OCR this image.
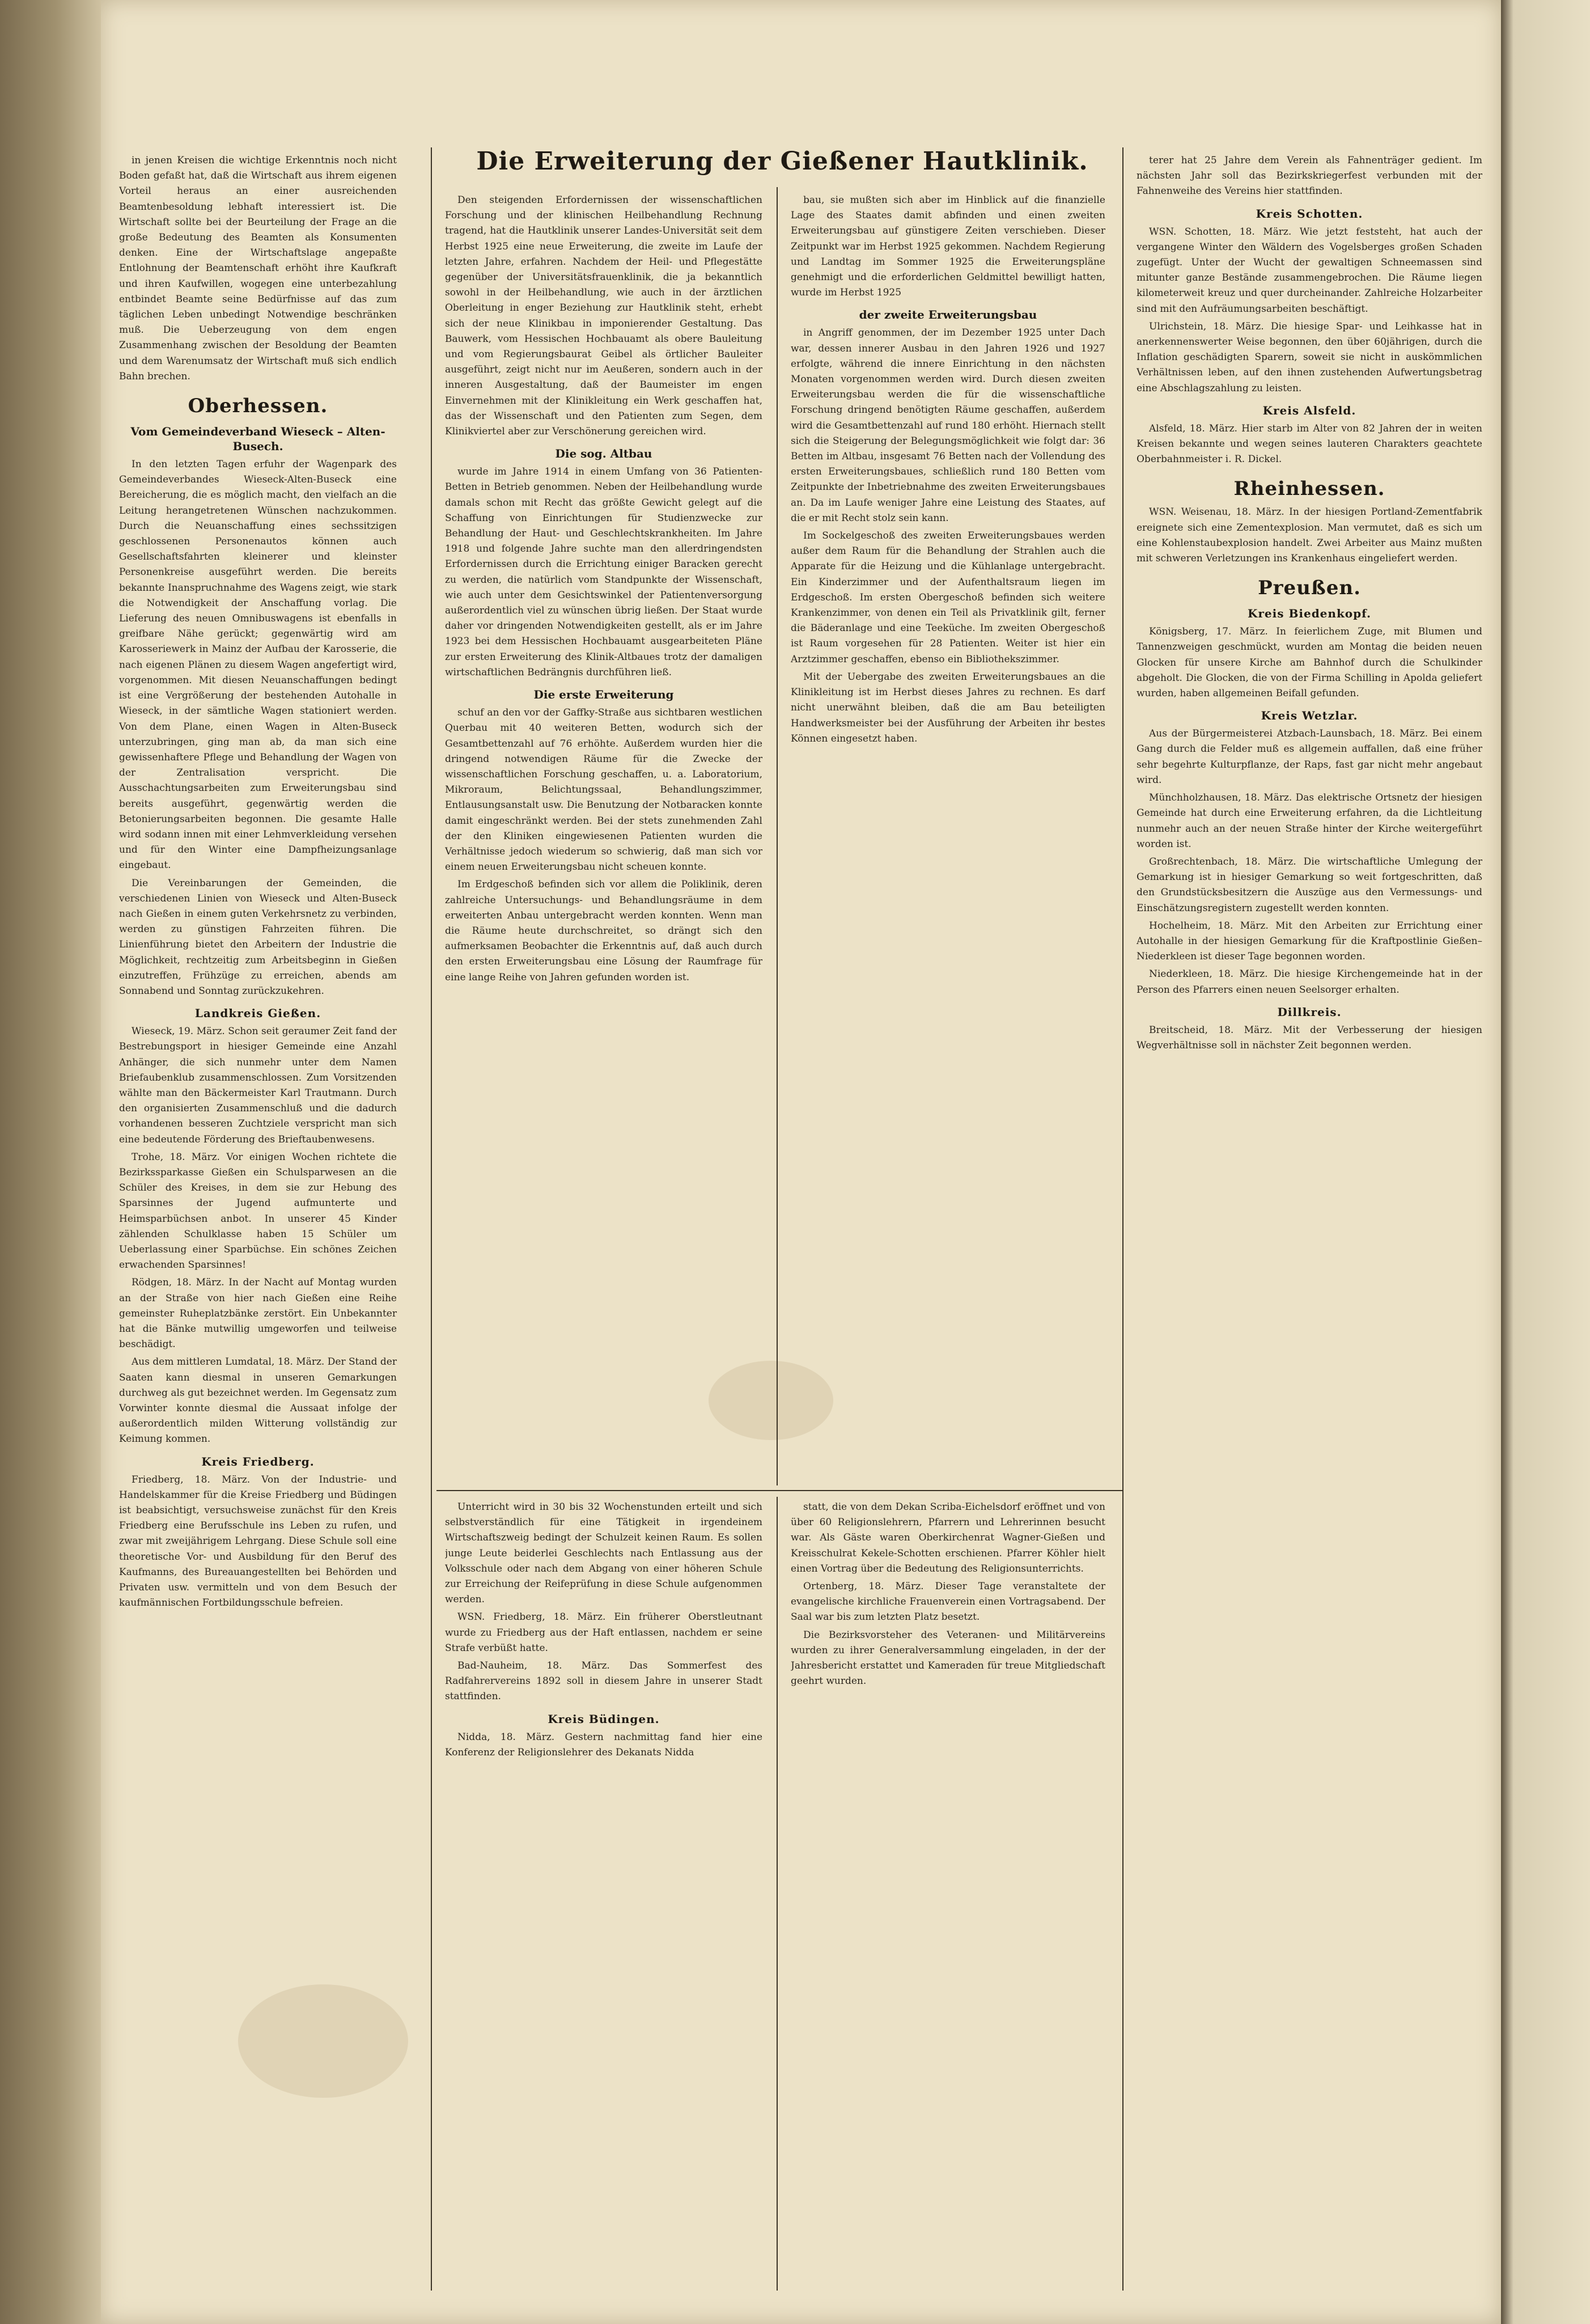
Die Erweiterung der Gießener Hautklinik.

in jenen Kreisen die wichtige Erkenntnis noch nicht Boden gefaßt hat, daß die Wirtschaft aus ihrem eigenen Vorteil heraus an einer ausreichenden Beamtenbesoldung lebhaft interessiert ist. Die Wirtschaft sollte bei der Beurteilung der Frage an die große Bedeutung des Beamten als Konsumenten denken. Eine der Wirtschaftslage angepaßte Entlohnung der Beamtenschaft erhöht ihre Kaufkraft und ihren Kaufwillen, wogegen eine unterbezahlung entbindet Beamte seine Bedürfnisse auf das zum täglichen Leben unbedingt Notwendige beschränken muß. Die Ueberzeugung von dem engen Zusammenhang zwischen der Besoldung der Beamten und dem Warenumsatz der Wirtschaft muß sich endlich Bahn brechen.

Oberhessen.
Vom Gemeindeverband Wieseck – Alten-Busech.

In den letzten Tagen erfuhr der Wagenpark des Gemeindeverbandes Wieseck-Alten-Buseck eine Bereicherung, die es möglich macht, den vielfach an die Leitung herangetretenen Wünschen nachzukommen. Durch die Neuanschaffung eines sechssitzigen geschlossenen Personenautos können auch Gesellschaftsfahrten kleinerer und kleinster Personenkreise ausgeführt werden. Die bereits bekannte Inanspruchnahme des Wagens zeigt, wie stark die Notwendigkeit der Anschaffung vorlag. Die Lieferung des neuen Omnibuswagens ist ebenfalls in greifbare Nähe gerückt; gegenwärtig wird am Karosseriewerk in Mainz der Aufbau der Karosserie, die nach eigenen Plänen zu diesem Wagen angefertigt wird, vorgenommen. Mit diesen Neuanschaffungen bedingt ist eine Vergrößerung der bestehenden Autohalle in Wieseck, in der sämtliche Wagen stationiert werden. Von dem Plane, einen Wagen in Alten-Buseck unterzubringen, ging man ab, da man sich eine gewissenhaftere Pflege und Behandlung der Wagen von der Zentralisation verspricht. Die Ausschachtungsarbeiten zum Erweiterungsbau sind bereits ausgeführt, gegenwärtig werden die Betonierungsarbeiten begonnen. Die gesamte Halle wird sodann innen mit einer Lehmverkleidung versehen und für den Winter eine Dampfheizungsanlage eingebaut.

Die Vereinbarungen der Gemeinden, die verschiedenen Linien von Wieseck und Alten-Buseck nach Gießen in einem guten Verkehrsnetz zu verbinden, werden zu günstigen Fahrzeiten führen. Die Linienführung bietet den Arbeitern der Industrie die Möglichkeit, rechtzeitig zum Arbeitsbeginn in Gießen einzutreffen, Frühzüge zu erreichen, abends am Sonnabend und Sonntag zurückzukehren.

Landkreis Gießen.

Wieseck, 19. März. Schon seit geraumer Zeit fand der Bestrebungsport in hiesiger Gemeinde eine Anzahl Anhänger, die sich nunmehr unter dem Namen Briefaubenklub zusammenschlossen. Zum Vorsitzenden wählte man den Bäckermeister Karl Trautmann. Durch den organisierten Zusammenschluß und die dadurch vorhandenen besseren Zuchtziele verspricht man sich eine bedeutende Förderung des Brieftaubenwesens.

Trohe, 18. März. Vor einigen Wochen richtete die Bezirkssparkasse Gießen ein Schulsparwesen an die Schüler des Kreises, in dem sie zur Hebung des Sparsinnes der Jugend aufmunterte und Heimsparbüchsen anbot. In unserer 45 Kinder zählenden Schulklasse haben 15 Schüler um Ueberlassung einer Sparbüchse. Ein schönes Zeichen erwachenden Sparsinnes!

Rödgen, 18. März. In der Nacht auf Montag wurden an der Straße von hier nach Gießen eine Reihe gemeinster Ruheplatzbänke zerstört. Ein Unbekannter hat die Bänke mutwillig umgeworfen und teilweise beschädigt.

Aus dem mittleren Lumdatal, 18. März. Der Stand der Saaten kann diesmal in unseren Gemarkungen durchweg als gut bezeichnet werden. Im Gegensatz zum Vorwinter konnte diesmal die Aussaat infolge der außerordentlich milden Witterung vollständig zur Keimung kommen.

Kreis Friedberg.

Friedberg, 18. März. Von der Industrie- und Handelskammer für die Kreise Friedberg und Büdingen ist beabsichtigt, versuchsweise zunächst für den Kreis Friedberg eine Berufsschule ins Leben zu rufen, und zwar mit zweijährigem Lehrgang. Diese Schule soll eine theoretische Vor- und Ausbildung für den Beruf des Kaufmanns, des Bureauangestellten bei Behörden und Privaten usw. vermitteln und von dem Besuch der kaufmännischen Fortbildungsschule befreien.

Den steigenden Erfordernissen der wissenschaftlichen Forschung und der klinischen Heilbehandlung Rechnung tragend, hat die Hautklinik unserer Landes-Universität seit dem Herbst 1925 eine neue Erweiterung, die zweite im Laufe der letzten Jahre, erfahren. Nachdem der Heil- und Pflegestätte gegenüber der Universitätsfrauenklinik, die ja bekanntlich sowohl in der Heilbehandlung, wie auch in der ärztlichen Oberleitung in enger Beziehung zur Hautklinik steht, erhebt sich der neue Klinikbau in imponierender Gestaltung. Das Bauwerk, vom Hessischen Hochbauamt als obere Bauleitung und vom Regierungsbaurat Geibel als örtlicher Bauleiter ausgeführt, zeigt nicht nur im Aeußeren, sondern auch in der inneren Ausgestaltung, daß der Baumeister im engen Einvernehmen mit der Klinikleitung ein Werk geschaffen hat, das der Wissenschaft und den Patienten zum Segen, dem Klinikviertel aber zur Verschönerung gereichen wird.

Die sog. Altbau

wurde im Jahre 1914 in einem Umfang von 36 Patienten-Betten in Betrieb genommen. Neben der Heilbehandlung wurde damals schon mit Recht das größte Gewicht gelegt auf die Schaffung von Einrichtungen für Studienzwecke zur Behandlung der Haut- und Geschlechtskrankheiten. Im Jahre 1918 und folgende Jahre suchte man den allerdringendsten Erfordernissen durch die Errichtung einiger Baracken gerecht zu werden, die natürlich vom Standpunkte der Wissenschaft, wie auch unter dem Gesichtswinkel der Patientenversorgung außerordentlich viel zu wünschen übrig ließen. Der Staat wurde daher vor dringenden Notwendigkeiten gestellt, als er im Jahre 1923 bei dem Hessischen Hochbauamt ausgearbeiteten Pläne zur ersten Erweiterung des Klinik-Altbaues trotz der damaligen wirtschaftlichen Bedrängnis durchführen ließ.

Die erste Erweiterung

schuf an den vor der Gaffky-Straße aus sichtbaren westlichen Querbau mit 40 weiteren Betten, wodurch sich der Gesamtbettenzahl auf 76 erhöhte. Außerdem wurden hier die dringend notwendigen Räume für die Zwecke der wissenschaftlichen Forschung geschaffen, u. a. Laboratorium, Mikroraum, Belichtungssaal, Behandlungszimmer, Entlausungsanstalt usw. Die Benutzung der Notbaracken konnte damit eingeschränkt werden. Bei der stets zunehmenden Zahl der den Kliniken eingewiesenen Patienten wurden die Verhältnisse jedoch wiederum so schwierig, daß man sich vor einem neuen Erweiterungsbau nicht scheuen konnte.

Im Erdgeschoß befinden sich vor allem die Poliklinik, deren zahlreiche Untersuchungs- und Behandlungsräume in dem erweiterten Anbau untergebracht werden konnten. Wenn man die Räume heute durchschreitet, so drängt sich den aufmerksamen Beobachter die Erkenntnis auf, daß auch durch den ersten Erweiterungsbau eine Lösung der Raumfrage für eine lange Reihe von Jahren gefunden worden ist.

bau, sie mußten sich aber im Hinblick auf die finanzielle Lage des Staates damit abfinden und einen zweiten Erweiterungsbau auf günstigere Zeiten verschieben. Dieser Zeitpunkt war im Herbst 1925 gekommen. Nachdem Regierung und Landtag im Sommer 1925 die Erweiterungspläne genehmigt und die erforderlichen Geldmittel bewilligt hatten, wurde im Herbst 1925

der zweite Erweiterungsbau

in Angriff genommen, der im Dezember 1925 unter Dach war, dessen innerer Ausbau in den Jahren 1926 und 1927 erfolgte, während die innere Einrichtung in den nächsten Monaten vorgenommen werden wird. Durch diesen zweiten Erweiterungsbau werden die für die wissenschaftliche Forschung dringend benötigten Räume geschaffen, außerdem wird die Gesamtbettenzahl auf rund 180 erhöht. Hiernach stellt sich die Steigerung der Belegungsmöglichkeit wie folgt dar: 36 Betten im Altbau, insgesamt 76 Betten nach der Vollendung des ersten Erweiterungsbaues, schließlich rund 180 Betten vom Zeitpunkte der Inbetriebnahme des zweiten Erweiterungsbaues an. Da im Laufe weniger Jahre eine Leistung des Staates, auf die er mit Recht stolz sein kann.

Im Sockelgeschoß des zweiten Erweiterungsbaues werden außer dem Raum für die Behandlung der Strahlen auch die Apparate für die Heizung und die Kühlanlage untergebracht. Ein Kinderzimmer und der Aufenthaltsraum liegen im Erdgeschoß. Im ersten Obergeschoß befinden sich weitere Krankenzimmer, von denen ein Teil als Privatklinik gilt, ferner die Bäderanlage und eine Teeküche. Im zweiten Obergeschoß ist Raum vorgesehen für 28 Patienten. Weiter ist hier ein Arztzimmer geschaffen, ebenso ein Bibliothekszimmer.

Mit der Uebergabe des zweiten Erweiterungsbaues an die Klinikleitung ist im Herbst dieses Jahres zu rechnen. Es darf nicht unerwähnt bleiben, daß die am Bau beteiligten Handwerksmeister bei der Ausführung der Arbeiten ihr bestes Können eingesetzt haben.

Unterricht wird in 30 bis 32 Wochenstunden erteilt und sich selbstverständlich für eine Tätigkeit in irgendeinem Wirtschaftszweig bedingt der Schulzeit keinen Raum. Es sollen junge Leute beiderlei Geschlechts nach Entlassung aus der Volksschule oder nach dem Abgang von einer höheren Schule zur Erreichung der Reifeprüfung in diese Schule aufgenommen werden.

WSN. Friedberg, 18. März. Ein früherer Oberstleutnant wurde zu Friedberg aus der Haft entlassen, nachdem er seine Strafe verbüßt hatte.

Bad-Nauheim, 18. März. Das Sommerfest des Radfahrervereins 1892 soll in diesem Jahre in unserer Stadt stattfinden.

Kreis Büdingen.

Nidda, 18. März. Gestern nachmittag fand hier eine Konferenz der Religionslehrer des Dekanats Nidda

statt, die von dem Dekan Scriba-Eichelsdorf eröffnet und von über 60 Religionslehrern, Pfarrern und Lehrerinnen besucht war. Als Gäste waren Oberkirchenrat Wagner-Gießen und Kreisschulrat Kekele-Schotten erschienen. Pfarrer Köhler hielt einen Vortrag über die Bedeutung des Religionsunterrichts.

Ortenberg, 18. März. Dieser Tage veranstaltete der evangelische kirchliche Frauenverein einen Vortragsabend. Der Saal war bis zum letzten Platz besetzt.

Die Bezirksvorsteher des Veteranen- und Militärvereins wurden zu ihrer Generalversammlung eingeladen, in der der Jahresbericht erstattet und Kameraden für treue Mitgliedschaft geehrt wurden.

terer hat 25 Jahre dem Verein als Fahnenträger gedient. Im nächsten Jahr soll das Bezirkskriegerfest verbunden mit der Fahnenweihe des Vereins hier stattfinden.

Kreis Schotten.

WSN. Schotten, 18. März. Wie jetzt feststeht, hat auch der vergangene Winter den Wäldern des Vogelsberges großen Schaden zugefügt. Unter der Wucht der gewaltigen Schneemassen sind mitunter ganze Bestände zusammengebrochen. Die Räume liegen kilometerweit kreuz und quer durcheinander. Zahlreiche Holzarbeiter sind mit den Aufräumungsarbeiten beschäftigt.

Ulrichstein, 18. März. Die hiesige Spar- und Leihkasse hat in anerkennenswerter Weise begonnen, den über 60jährigen, durch die Inflation geschädigten Sparern, soweit sie nicht in auskömmlichen Verhältnissen leben, auf den ihnen zustehenden Aufwertungsbetrag eine Abschlagszahlung zu leisten.

Kreis Alsfeld.

Alsfeld, 18. März. Hier starb im Alter von 82 Jahren der in weiten Kreisen bekannte und wegen seines lauteren Charakters geachtete Oberbahnmeister i. R. Dickel.

Rheinhessen.

WSN. Weisenau, 18. März. In der hiesigen Portland-Zementfabrik ereignete sich eine Zementexplosion. Man vermutet, daß es sich um eine Kohlenstaubexplosion handelt. Zwei Arbeiter aus Mainz mußten mit schweren Verletzungen ins Krankenhaus eingeliefert werden.

Preußen.
Kreis Biedenkopf.

Königsberg, 17. März. In feierlichem Zuge, mit Blumen und Tannenzweigen geschmückt, wurden am Montag die beiden neuen Glocken für unsere Kirche am Bahnhof durch die Schulkinder abgeholt. Die Glocken, die von der Firma Schilling in Apolda geliefert wurden, haben allgemeinen Beifall gefunden.

Kreis Wetzlar.

Aus der Bürgermeisterei Atzbach-Launsbach, 18. März. Bei einem Gang durch die Felder muß es allgemein auffallen, daß eine früher sehr begehrte Kulturpflanze, der Raps, fast gar nicht mehr angebaut wird.

Münchholzhausen, 18. März. Das elektrische Ortsnetz der hiesigen Gemeinde hat durch eine Erweiterung erfahren, da die Lichtleitung nunmehr auch an der neuen Straße hinter der Kirche weitergeführt worden ist.

Großrechtenbach, 18. März. Die wirtschaftliche Umlegung der Gemarkung ist in hiesiger Gemarkung so weit fortgeschritten, daß den Grundstücksbesitzern die Auszüge aus den Vermessungs- und Einschätzungsregistern zugestellt werden konnten.

Hochelheim, 18. März. Mit den Arbeiten zur Errichtung einer Autohalle in der hiesigen Gemarkung für die Kraftpostlinie Gießen–Niederkleen ist dieser Tage begonnen worden.

Niederkleen, 18. März. Die hiesige Kirchengemeinde hat in der Person des Pfarrers einen neuen Seelsorger erhalten.

Dillkreis.

Breitscheid, 18. März. Mit der Verbesserung der hiesigen Wegverhältnisse soll in nächster Zeit begonnen werden.
